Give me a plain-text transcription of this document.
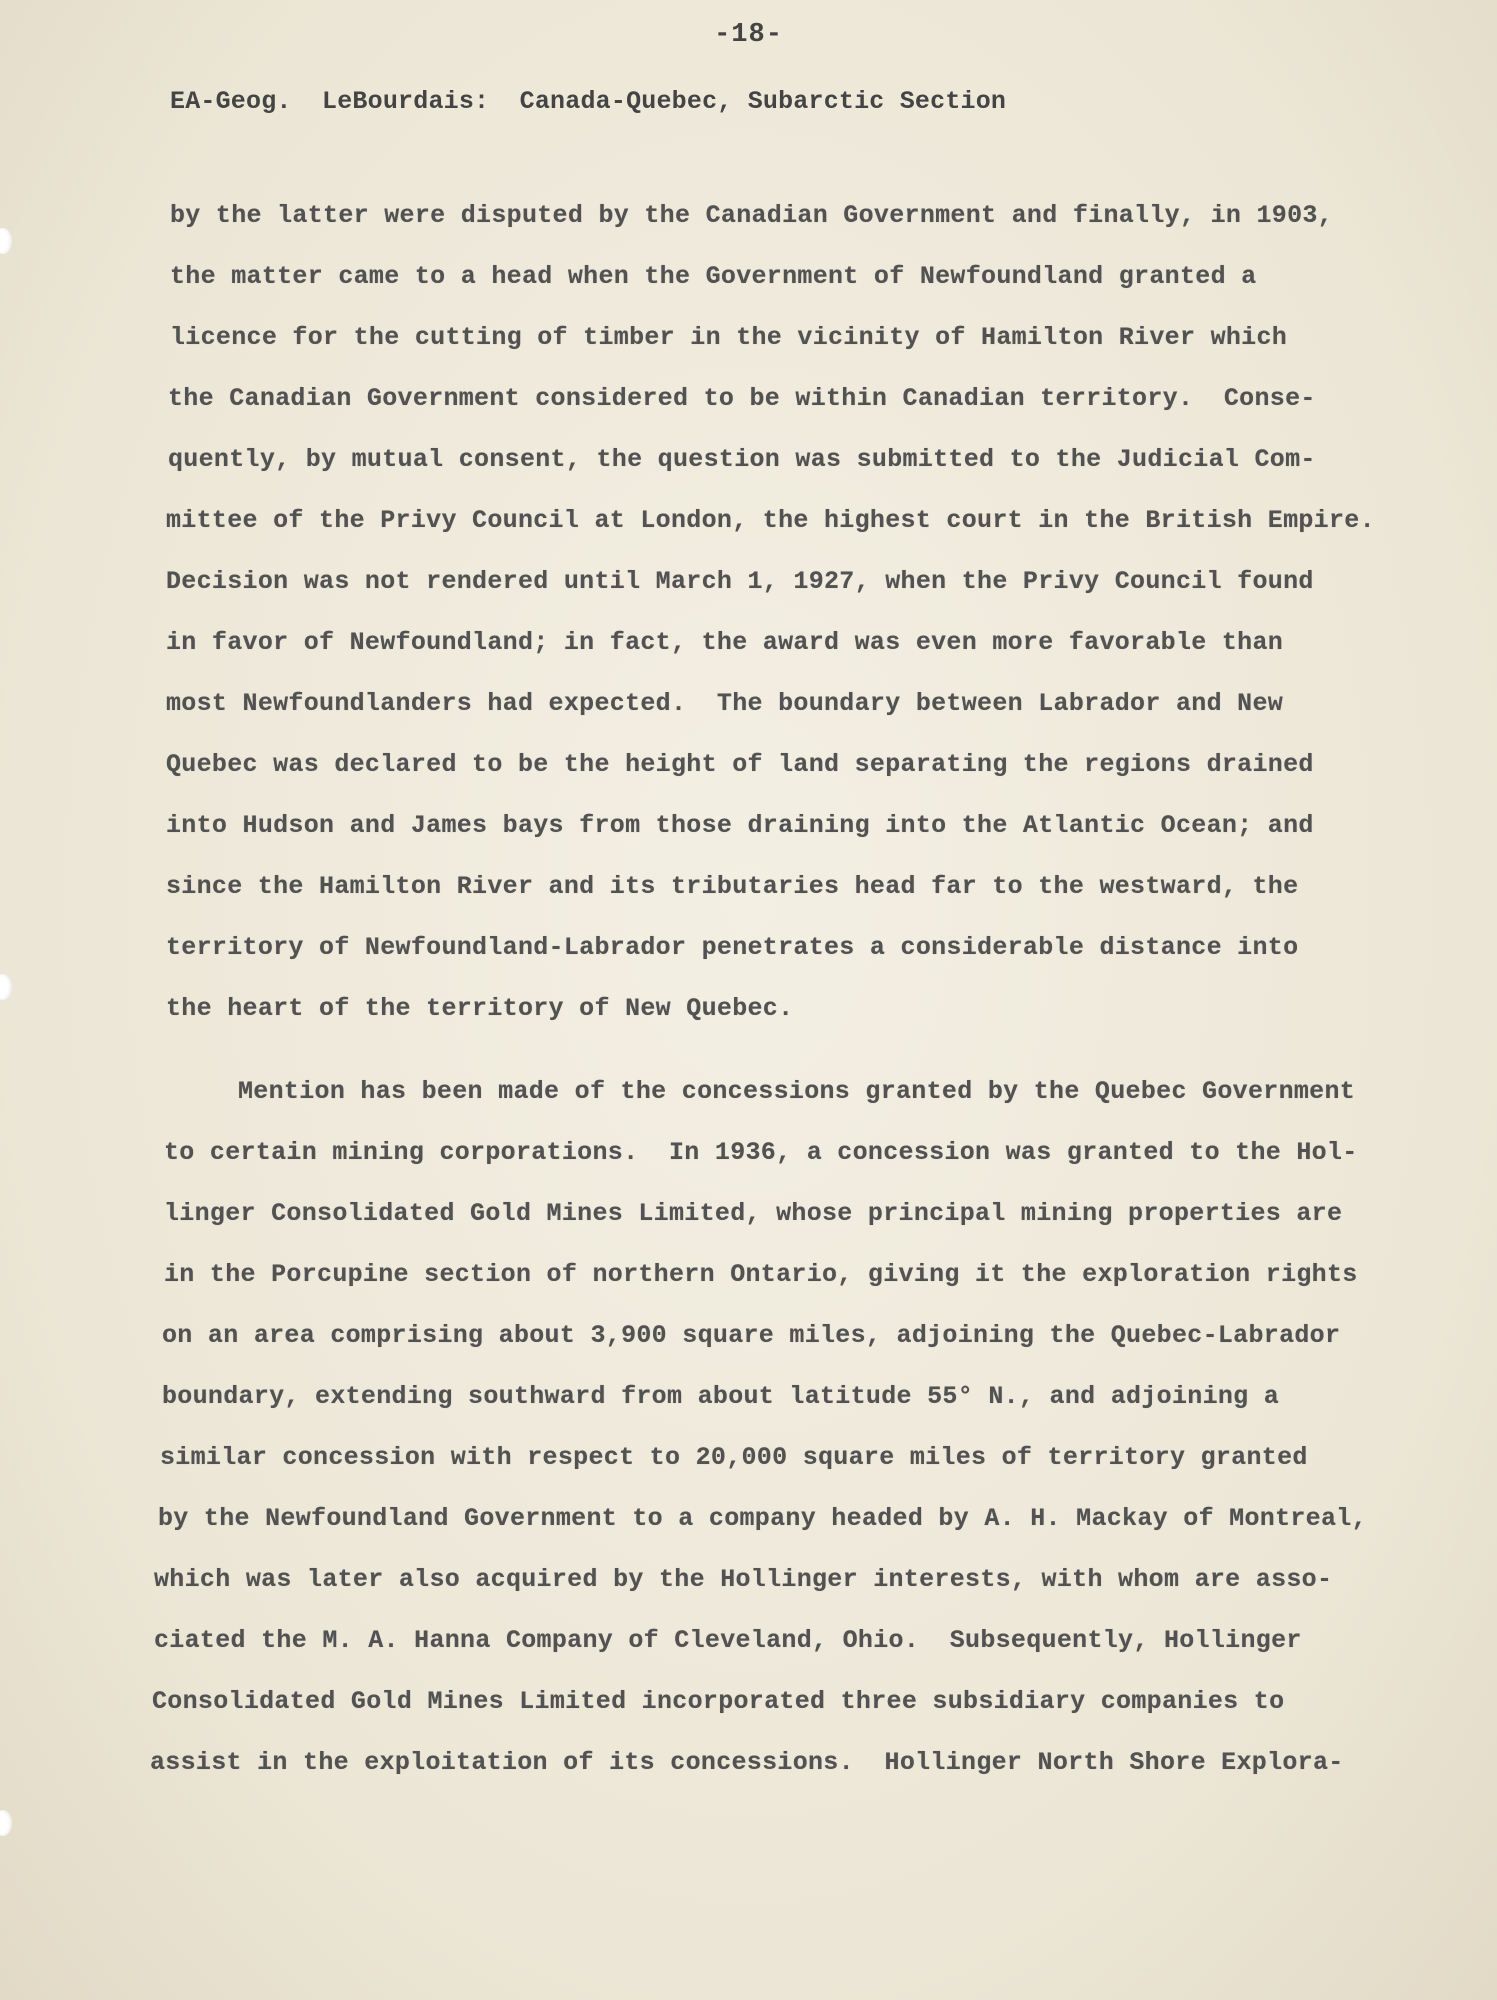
-18-
EA-Geog.  LeBourdais:  Canada-Quebec, Subarctic Section
by the latter were disputed by the Canadian Government and finally, in 1903,
the matter came to a head when the Government of Newfoundland granted a
licence for the cutting of timber in the vicinity of Hamilton River which
the Canadian Government considered to be within Canadian territory.  Conse-
quently, by mutual consent, the question was submitted to the Judicial Com-
mittee of the Privy Council at London, the highest court in the British Empire.
Decision was not rendered until March 1, 1927, when the Privy Council found
in favor of Newfoundland; in fact, the award was even more favorable than
most Newfoundlanders had expected.  The boundary between Labrador and New
Quebec was declared to be the height of land separating the regions drained
into Hudson and James bays from those draining into the Atlantic Ocean; and
since the Hamilton River and its tributaries head far to the westward, the
territory of Newfoundland-Labrador penetrates a considerable distance into
the heart of the territory of New Quebec.
Mention has been made of the concessions granted by the Quebec Government
to certain mining corporations.  In 1936, a concession was granted to the Hol-
linger Consolidated Gold Mines Limited, whose principal mining properties are
in the Porcupine section of northern Ontario, giving it the exploration rights
on an area comprising about 3,900 square miles, adjoining the Quebec-Labrador
boundary, extending southward from about latitude 55° N., and adjoining a
similar concession with respect to 20,000 square miles of territory granted
by the Newfoundland Government to a company headed by A. H. Mackay of Montreal,
which was later also acquired by the Hollinger interests, with whom are asso-
ciated the M. A. Hanna Company of Cleveland, Ohio.  Subsequently, Hollinger
Consolidated Gold Mines Limited incorporated three subsidiary companies to
assist in the exploitation of its concessions.  Hollinger North Shore Explora-
